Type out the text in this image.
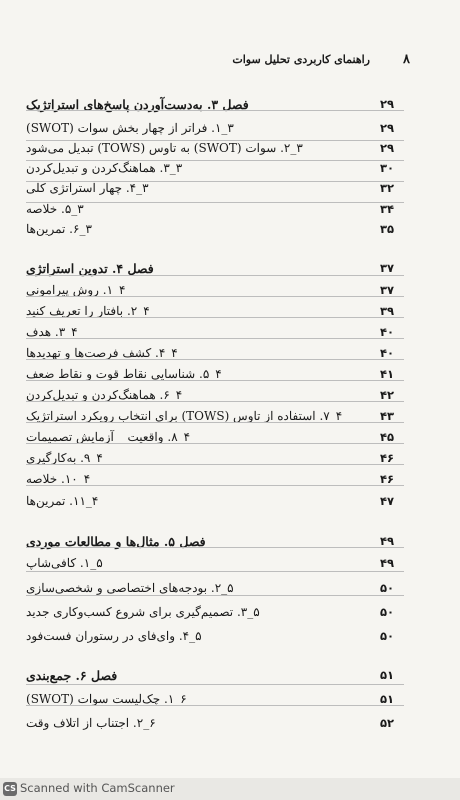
۸
راهنمای کاربردی تحلیل سوات
فصل ۳. به‌دست‌آوردن پاسخ‌های استراتژیک	۲۹
۳_۱. فراتر از چهار بخش سوات (SWOT)	۲۹
۳_۲. سوات (SWOT) به تاوس (TOWS) تبدیل می‌شود	۲۹
۳_۳. هماهنگ‌کردن و تبدیل‌کردن	۳۰
۳_۴. چهار استراتژی کلی	۳۲
۳_۵. خلاصه	۳۴
۳_۶. تمرین‌ها	۳۵
فصل ۴. تدوین استراتژی	۳۷
۴_۱. روش پیرامونی	۳۷
۴_۲. بافتار را تعریف کنید	۳۹
۴_۳. هدف	۴۰
۴_۴. کشف فرصت‌ها و تهدیدها	۴۰
۴_۵. شناسایی نقاط قوت و نقاط ضعف	۴۱
۴_۶. هماهنگ‌کردن و تبدیل‌کردن	۴۲
۴_۷. استفاده از تاوس (TOWS) برای انتخاب رویکرد استراتژیک	۴۳
۴_۸. واقعیت _ آزمایش تصمیمات	۴۵
۴_۹. به‌کارگیری	۴۶
۴_۱۰. خلاصه	۴۶
۴_۱۱. تمرین‌ها	۴۷
فصل ۵. مثال‌ها و مطالعات موردی	۴۹
۵_۱. کافی‌شاپ	۴۹
۵_۲. بودجه‌های اختصاصی و شخصی‌سازی	۵۰
۵_۳. تصمیم‌گیری برای شروع کسب‌وکاری جدید	۵۰
۵_۴. وای‌فای در رستوران فست‌فود	۵۰
فصل ۶. جمع‌بندی	۵۱
۶_۱. چک‌لیست سوات (SWOT)	۵۱
۶_۲. اجتناب از اتلاف وقت	۵۲
CS Scanned with CamScanner
